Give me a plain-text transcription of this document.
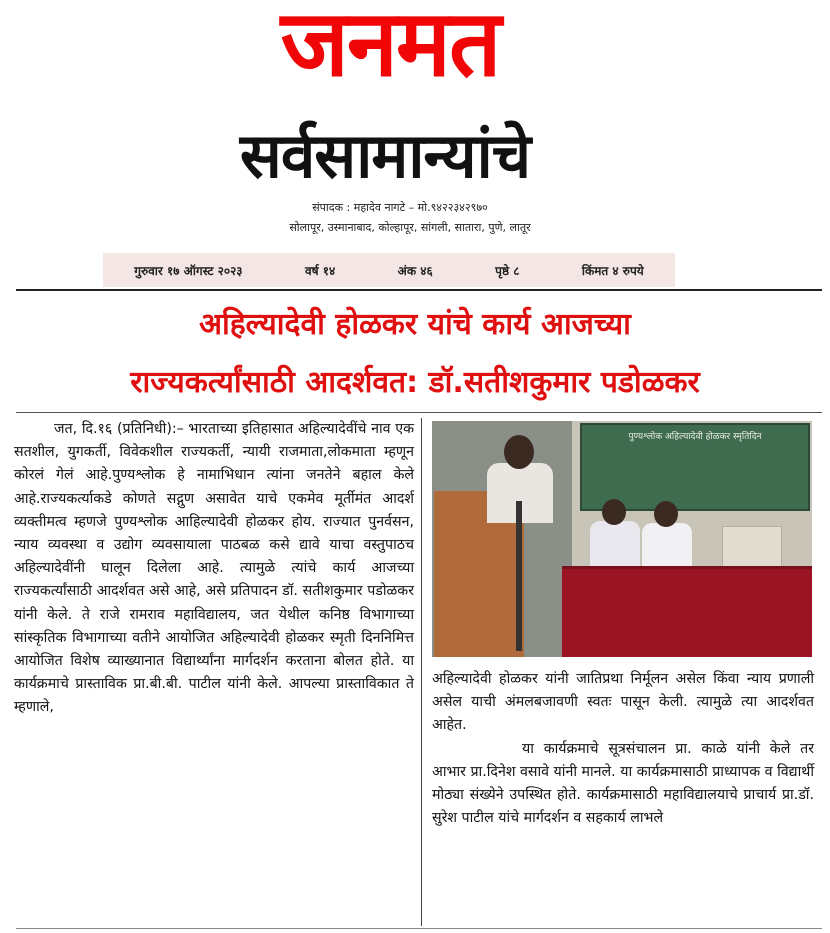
जनमत
सर्वसामान्यांचे
संपादक : महादेव नागटे – मो.९४२२३४२९७०
सोलापूर, उस्मानाबाद, कोल्हापूर, सांगली, सातारा, पुणे, लातूर
गुरुवार १७ ऑगस्ट २०२३	वर्ष १४	अंक ४६	पृष्ठे ८	किंमत ४ रुपये
अहिल्यादेवी होळकर यांचे कार्य आजच्या
राज्यकर्त्यांसाठी आदर्शवत: डॉ.सतीशकुमार पडोळकर

जत, दि.१६ (प्रतिनिधी):– भारताच्या इतिहासात अहिल्यादेवींचे नाव एक सतशील, युगकर्ती, विवेकशील राज्यकर्ती, न्यायी राजमाता,लोकमाता म्हणून कोरलं गेलं आहे.पुण्यश्लोक हे नामाभिधान त्यांना जनतेने बहाल केले आहे.राज्यकर्त्याकडे कोणते सद्गुण असावेत याचे एकमेव मूर्तीमंत आदर्श व्यक्तीमत्व म्हणजे पुण्यश्लोक आहिल्यादेवी होळकर होय. राज्यात पुनर्वसन, न्याय व्यवस्था व उद्योग व्यवसायाला पाठबळ कसे द्यावे याचा वस्तुपाठच अहिल्यादेवींनी घालून दिलेला आहे. त्यामुळे त्यांचे कार्य आजच्या राज्यकर्त्यांसाठी आदर्शवत असे आहे, असे प्रतिपादन डॉ. सतीशकुमार पडोळकर यांनी केले. ते राजे रामराव महाविद्यालय, जत येथील कनिष्ठ विभागाच्या सांस्कृतिक विभागाच्या वतीने आयोजित अहिल्यादेवी होळकर स्मृती दिननिमित्त आयोजित विशेष व्याख्यानात विद्यार्थ्यांना मार्गदर्शन करताना बोलत होते. या कार्यक्रमाचे प्रास्ताविक प्रा.बी.बी. पाटील यांनी केले. आपल्या प्रास्ताविकात ते म्हणाले,

पुण्यश्लोक अहिल्यादेवी होळकर स्मृतिदिन

अहिल्यादेवी होळकर यांनी जातिप्रथा निर्मूलन असेल किंवा न्याय प्रणाली असेल याची अंमलबजावणी स्वतः पासून केली. त्यामुळे त्या आदर्शवत आहेत.

या कार्यक्रमाचे सूत्रसंचालन प्रा. काळे यांनी केले तर आभार प्रा.दिनेश वसावे यांनी मानले. या कार्यक्रमासाठी प्राध्यापक व विद्यार्थी मोठ्या संख्येने उपस्थित होते. कार्यक्रमासाठी महाविद्यालयाचे प्राचार्य प्रा.डॉ. सुरेश पाटील यांचे मार्गदर्शन व सहकार्य लाभले
